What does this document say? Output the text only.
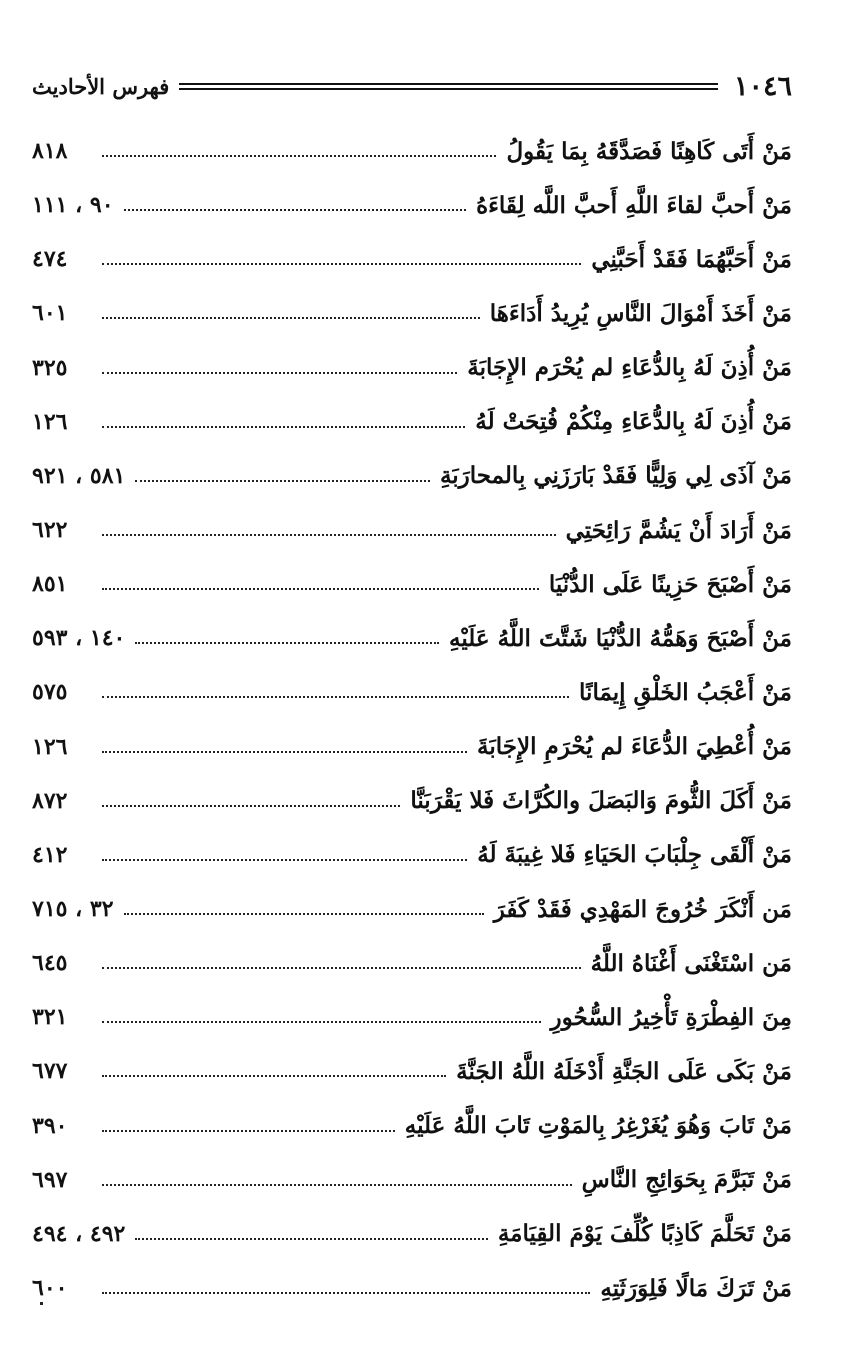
١٠٤٦
فهرس الأحاديث
مَنْ أَتَى كَاهِنًا فَصَدَّقَهُ بِمَا يَقُولُ
٨١٨
مَنْ أَحبَّ لقاءَ اللَّهِ أَحبَّ اللَّه لِقَاءَهُ
٩٠ ، ١١١
مَنْ أَحَبَّهُمَا فَقَدْ أَحَبَّنِي
٤٧٤
مَنْ أَخَذَ أَمْوَالَ النَّاسِ يُرِيدُ أَدَاءَهَا
٦٠١
مَنْ أُذِنَ لَهُ بِالدُّعَاءِ لم يُحْرَم الإِجَابَةَ
٣٢٥
مَنْ أُذِنَ لَهُ بِالدُّعَاءِ مِنْكُمْ فُتِحَتْ لَهُ
١٢٦
مَنْ آذَى لِي وَلِيًّا فَقَدْ بَارَزَنِي بِالمحارَبَةِ
٥٨١ ، ٩٢١
مَنْ أَرَادَ أَنْ يَشُمَّ رَائِحَتِي
٦٢٢
مَنْ أَصْبَحَ حَزِينًا عَلَى الدُّنْيَا
٨٥١
مَنْ أَصْبَحَ وَهَمُّهُ الدُّنْيَا شَتَّتَ اللَّهُ عَلَيْهِ
١٤٠ ، ٥٩٣
مَنْ أَعْجَبُ الخَلْقِ إِيمَانًا
٥٧٥
مَنْ أُعْطِيَ الدُّعَاءَ لم يُحْرَمِ الإِجَابَةَ
١٢٦
مَنْ أَكَلَ الثُّومَ وَالبَصَلَ والكُرَّاثَ فَلا يَقْرَبَنَّا
٨٧٢
مَنْ أَلْقَى جِلْبَابَ الحَيَاءِ فَلا غِيبَةَ لَهُ
٤١٢
مَن أَنْكَرَ خُرُوجَ المَهْدِي فَقَدْ كَفَرَ
٣٢ ، ٧١٥
مَن اسْتَغْنَى أَغْنَاهُ اللَّهُ
٦٤٥
مِنَ الفِطْرَةِ تَأْخِيرُ السُّحُورِ
٣٢١
مَنْ بَكَى عَلَى الجَنَّةِ أَدْخَلَهُ اللَّهُ الجَنَّةَ
٦٧٧
مَنْ تَابَ وَهُوَ يُغَرْغِرُ بِالمَوْتِ تَابَ اللَّهُ عَلَيْهِ
٣٩٠
مَنْ تَبَرَّمَ بِحَوَائِجِ النَّاسِ
٦٩٧
مَنْ تَحَلَّمَ كَاذِبًا كُلِّفَ يَوْمَ القِيَامَةِ
٤٩٢ ، ٤٩٤
مَنْ تَرَكَ مَالًا فَلِوَرَثَتِهِ
٦٠٠
